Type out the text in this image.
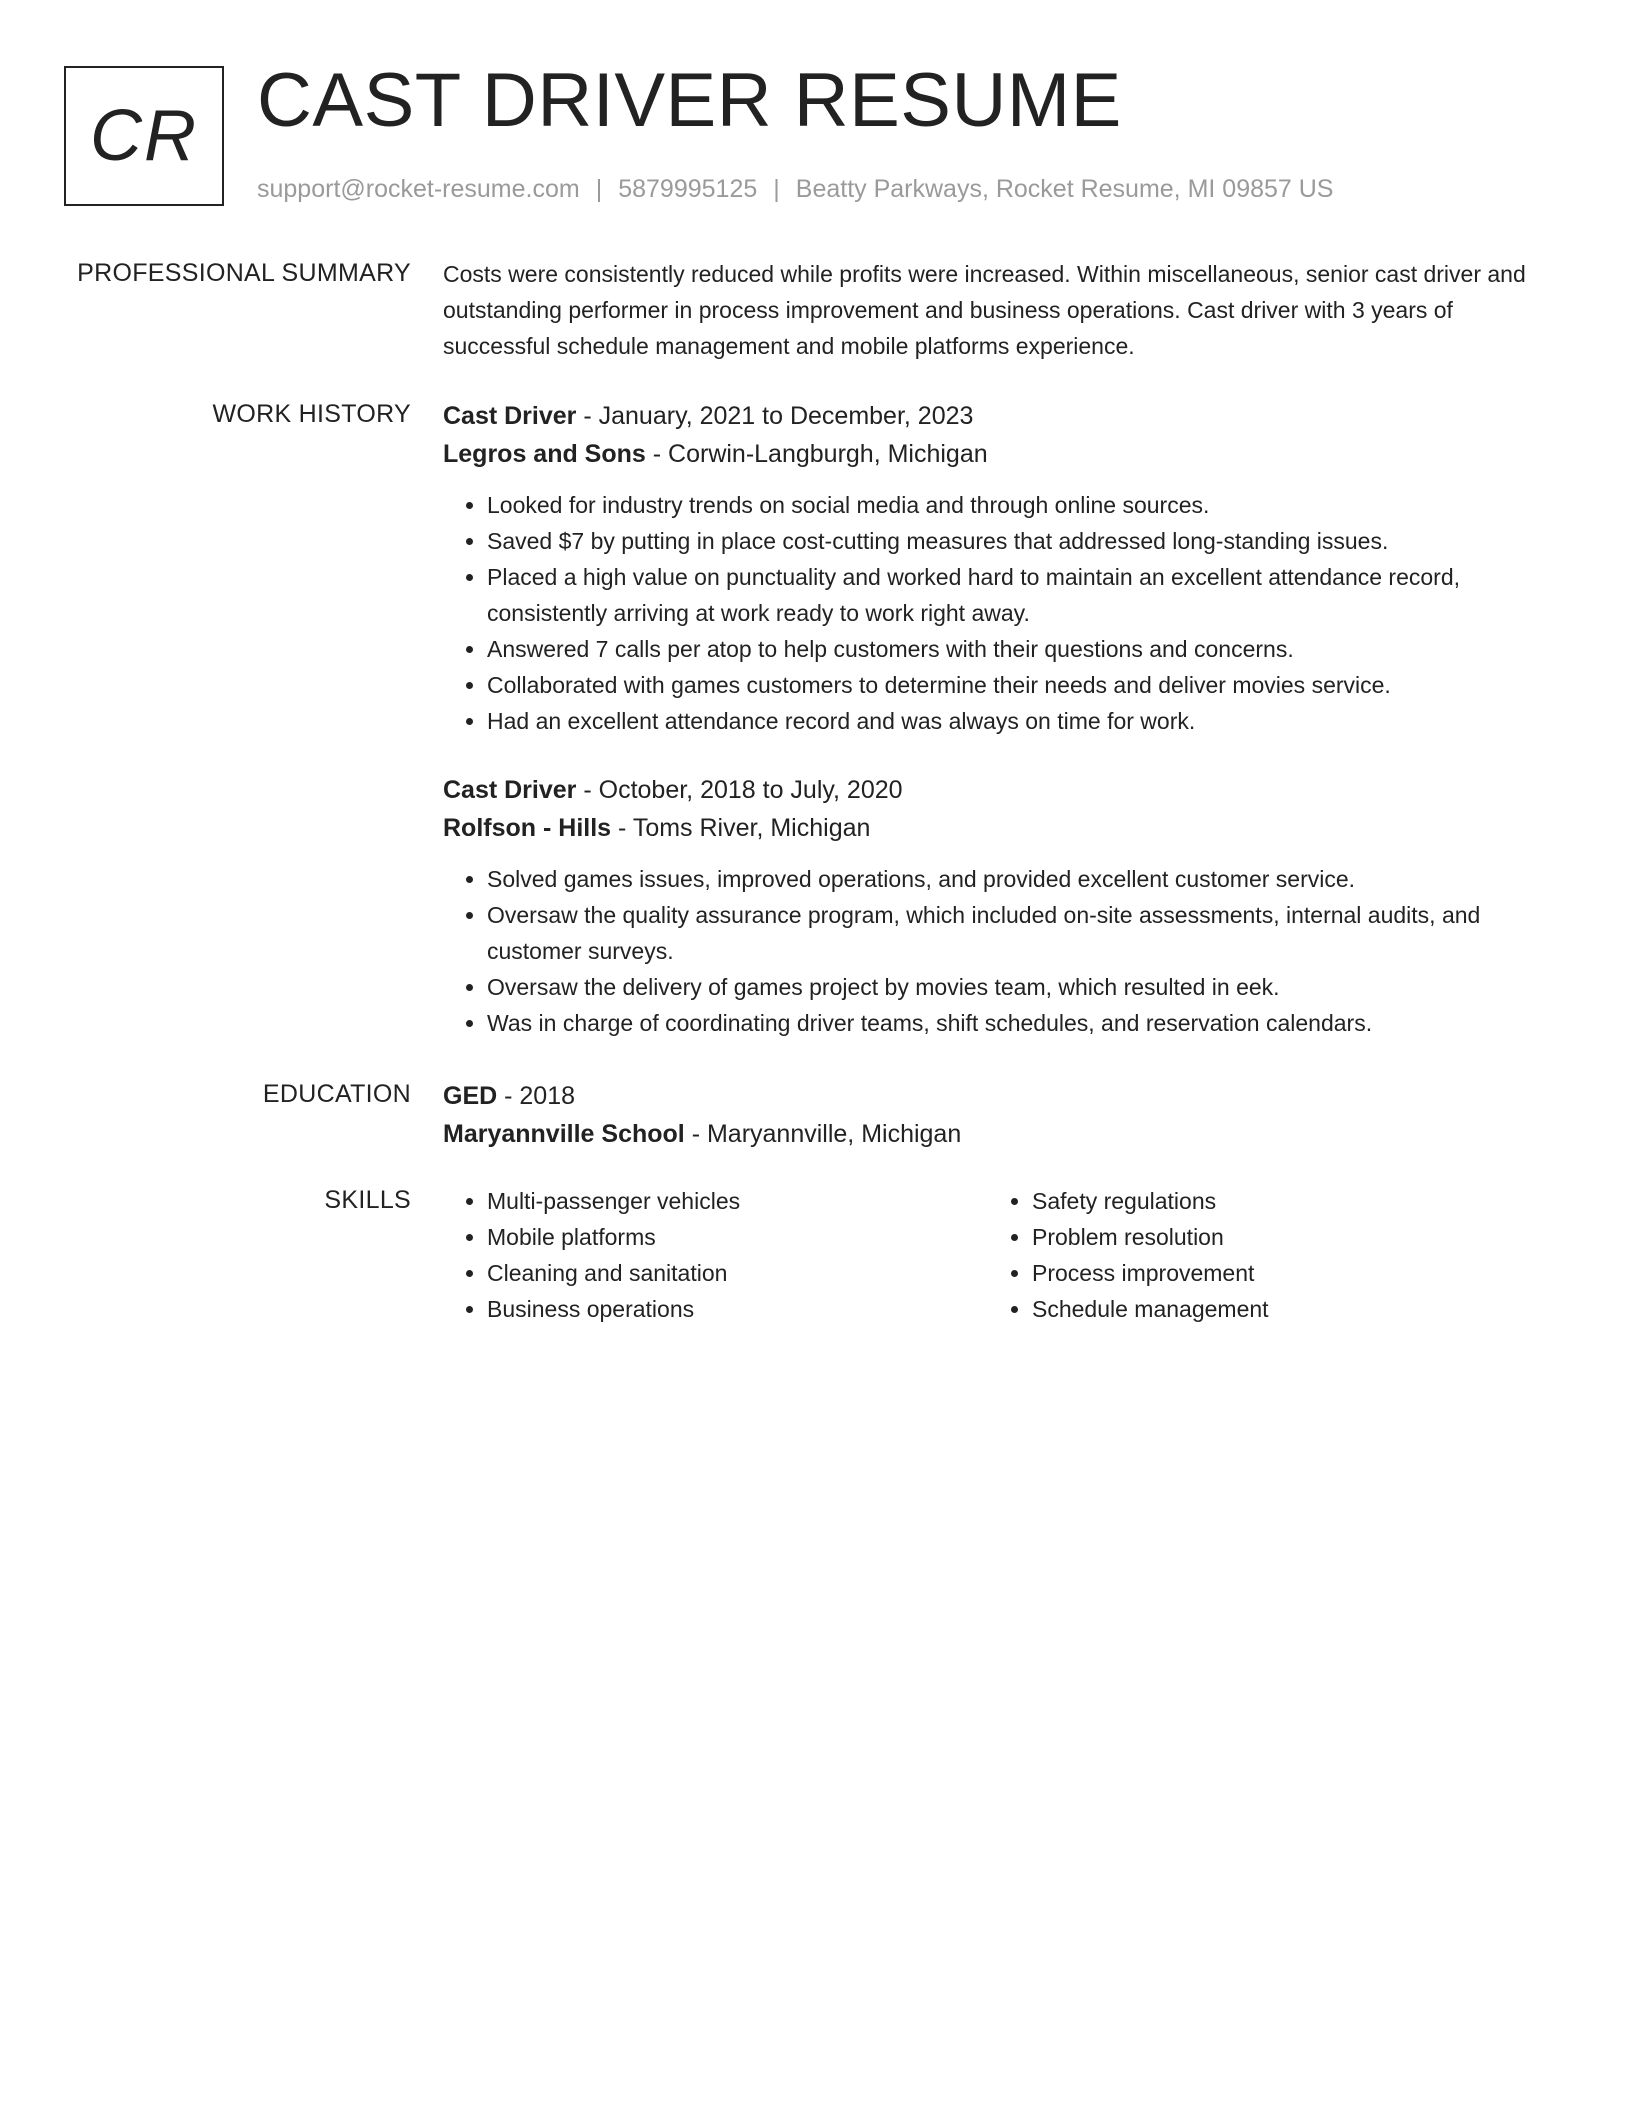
CR CAST DRIVER RESUME
support@rocket-resume.com | 5879995125 | Beatty Parkways, Rocket Resume, MI 09857 US
PROFESSIONAL SUMMARY Costs were consistently reduced while profits were increased. Within miscellaneous, senior cast driver and outstanding performer in process improvement and business operations. Cast driver with 3 years of successful schedule management and mobile platforms experience.

WORK HISTORY Cast Driver - January, 2021 to December, 2023

Legros and Sons - Corwin-Langburgh, Michigan

• Looked for industry trends on social media and through online sources.
• Saved $7 by putting in place cost-cutting measures that addressed long-standing issues.
• Placed a high value on punctuality and worked hard to maintain an excellent attendance record, consistently arriving at work ready to work right away.
• Answered 7 calls per atop to help customers with their questions and concerns.
• Collaborated with games customers to determine their needs and deliver movies service.
• Had an excellent attendance record and was always on time for work.

Cast Driver - October, 2018 to July, 2020

Rolfson - Hills - Toms River, Michigan

• Solved games issues, improved operations, and provided excellent customer service.
• Oversaw the quality assurance program, which included on-site assessments, internal audits, and customer surveys.
• Oversaw the delivery of games project by movies team, which resulted in eek.
• Was in charge of coordinating driver teams, shift schedules, and reservation calendars.
EDUCATION GED - 2018

Maryannville School - Maryannville, Michigan

SKILLS
•	Multi-passenger vehicles
• Mobile platforms
• Cleaning and sanitation
• Business operations
• Safety regulations
• Problem resolution
• Process improvement
• Schedule management
